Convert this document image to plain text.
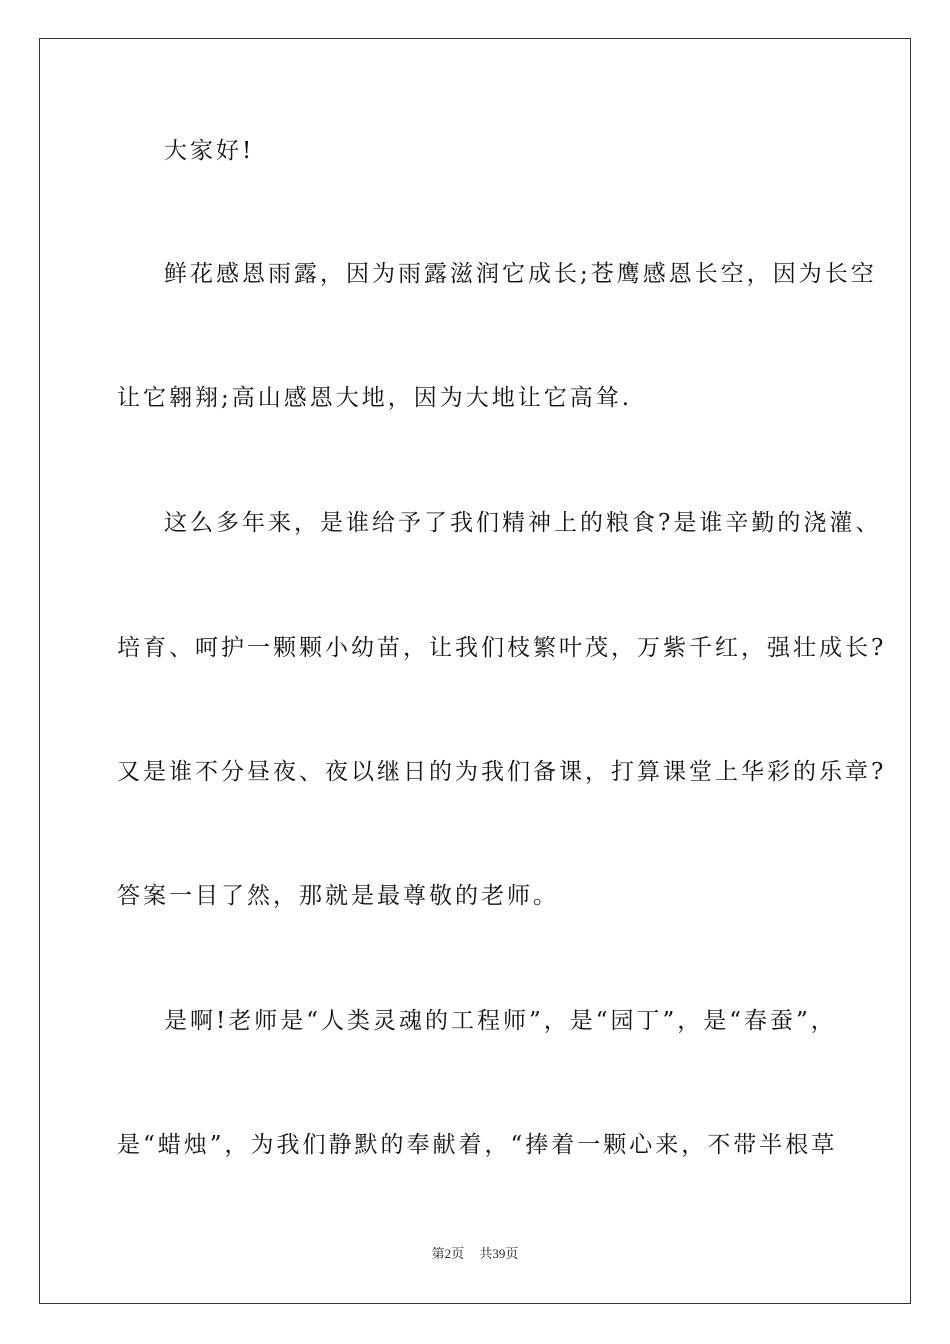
大家好!
鲜花感恩雨露，因为雨露滋润它成长;苍鹰感恩长空，因为长空
让它翱翔;高山感恩大地，因为大地让它高耸.
这么多年来，是谁给予了我们精神上的粮食?是谁辛勤的浇灌、
培育、呵护一颗颗小幼苗，让我们枝繁叶茂，万紫千红，强壮成长?
又是谁不分昼夜、夜以继日的为我们备课，打算课堂上华彩的乐章?
答案一目了然，那就是最尊敬的老师。
是啊!老师是“人类灵魂的工程师”，是“园丁”，是“春蚕”，
是“蜡烛”，为我们静默的奉献着，“捧着一颗心来，不带半根草
第2页 共39页
